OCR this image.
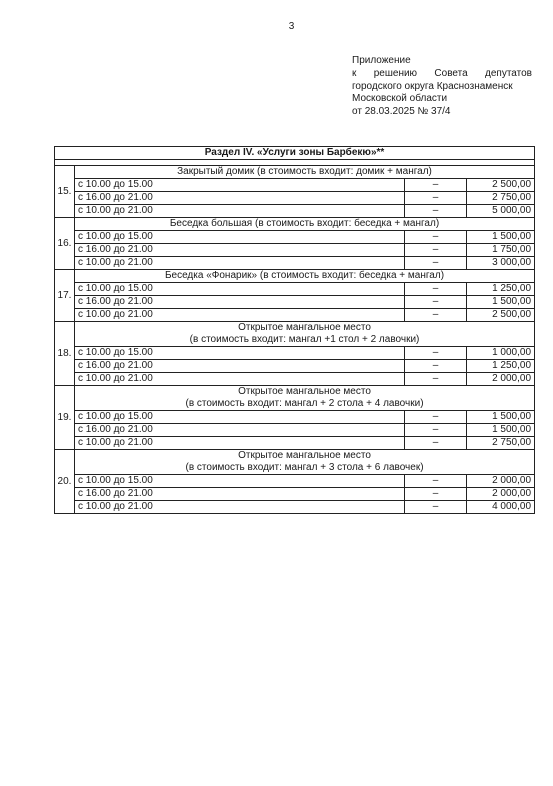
3
Приложение
к решению Совета депутатов
городского округа Краснознаменск
Московской области
от 28.03.2025 № 37/4
Раздел IV. «Услуги зоны Барбекю»**			

15.	Закрытый домик (в стоимость входит: домик + мангал)		

	с 10.00 до 15.00	–	2 500,00
	с 16.00 до 21.00	–	2 750,00
	с 10.00 до 21.00	–	5 000,00
16.	Беседка большая (в стоимость входит: беседка + мангал)		

	с 10.00 до 15.00	–	1 500,00
	с 16.00 до 21.00	–	1 750,00
	с 10.00 до 21.00	–	3 000,00
17.	Беседка «Фонарик» (в стоимость входит: беседка + мангал)		

	с 10.00 до 15.00	–	1 250,00
	с 16.00 до 21.00	–	1 500,00
	с 10.00 до 21.00	–	2 500,00
18.	Открытое мангальное место
(в стоимость входит: мангал +1 стол + 2 лавочки)		

	с 10.00 до 15.00	–	1 000,00
	с 16.00 до 21.00	–	1 250,00
	с 10.00 до 21.00	–	2 000,00
19.	Открытое мангальное место
(в стоимость входит: мангал + 2 стола + 4 лавочки)		

	с 10.00 до 15.00	–	1 500,00
	с 16.00 до 21.00	–	1 500,00
	с 10.00 до 21.00	–	2 750,00
20.	Открытое мангальное место
(в стоимость входит: мангал + 3 стола + 6 лавочек)		

	с 10.00 до 15.00	–	2 000,00
	с 16.00 до 21.00	–	2 000,00
	с 10.00 до 21.00	–	4 000,00
